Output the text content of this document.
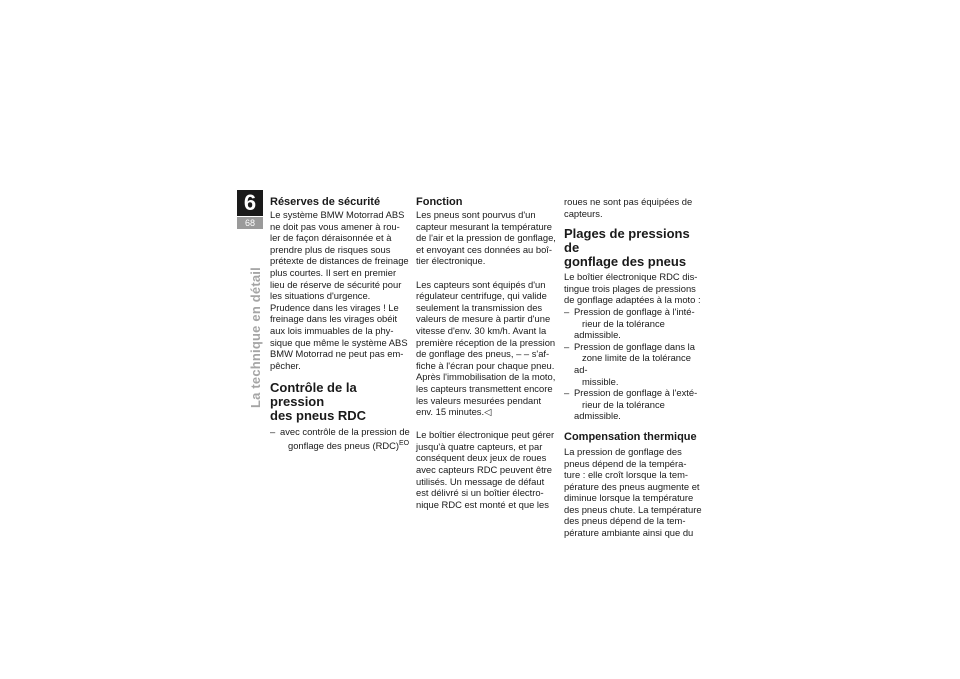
6
68
La technique en détail
Réserves de sécurité

Le système BMW Motorrad ABS
ne doit pas vous amener à rou-
ler de façon déraisonnée et à
prendre plus de risques sous
prétexte de distances de freinage
plus courtes. Il sert en premier
lieu de réserve de sécurité pour
les situations d'urgence.
Prudence dans les virages ! Le
freinage dans les virages obéit
aux lois immuables de la phy-
sique que même le système ABS
BMW Motorrad ne peut pas em-
pêcher.

Contrôle de la pression
des pneus RDC
– avec contrôle de la pression de
gonflage des pneus (RDC)$^{EO}$
Fonction

Les pneus sont pourvus d'un
capteur mesurant la température
de l'air et la pression de gonflage,
et envoyant ces données au boî-
tier électronique.

Les capteurs sont équipés d'un
régulateur centrifuge, qui valide
seulement la transmission des
valeurs de mesure à partir d'une
vitesse d'env. 30 km/h. Avant la
première réception de la pression
de gonflage des pneus, – – s'af-
fiche à l'écran pour chaque pneu.
Après l'immobilisation de la moto,
les capteurs transmettent encore
les valeurs mesurées pendant
env. 15 minutes.◁

Le boîtier électronique peut gérer
jusqu'à quatre capteurs, et par
conséquent deux jeux de roues
avec capteurs RDC peuvent être
utilisés. Un message de défaut
est délivré si un boîtier électro-
nique RDC est monté et que les

roues ne sont pas équipées de
capteurs.

Plages de pressions de
gonflage des pneus

Le boîtier électronique RDC dis-
tingue trois plages de pressions
de gonflage adaptées à la moto :

– Pression de gonflage à l'inté-
rieur de la tolérance admissible.
– Pression de gonflage dans la
zone limite de la tolérance ad-
missible.
– Pression de gonflage à l'exté-
rieur de la tolérance admissible.
Compensation thermique

La pression de gonflage des
pneus dépend de la tempéra-
ture : elle croît lorsque la tem-
pérature des pneus augmente et
diminue lorsque la température
des pneus chute. La température
des pneus dépend de la tem-
pérature ambiante ainsi que du
